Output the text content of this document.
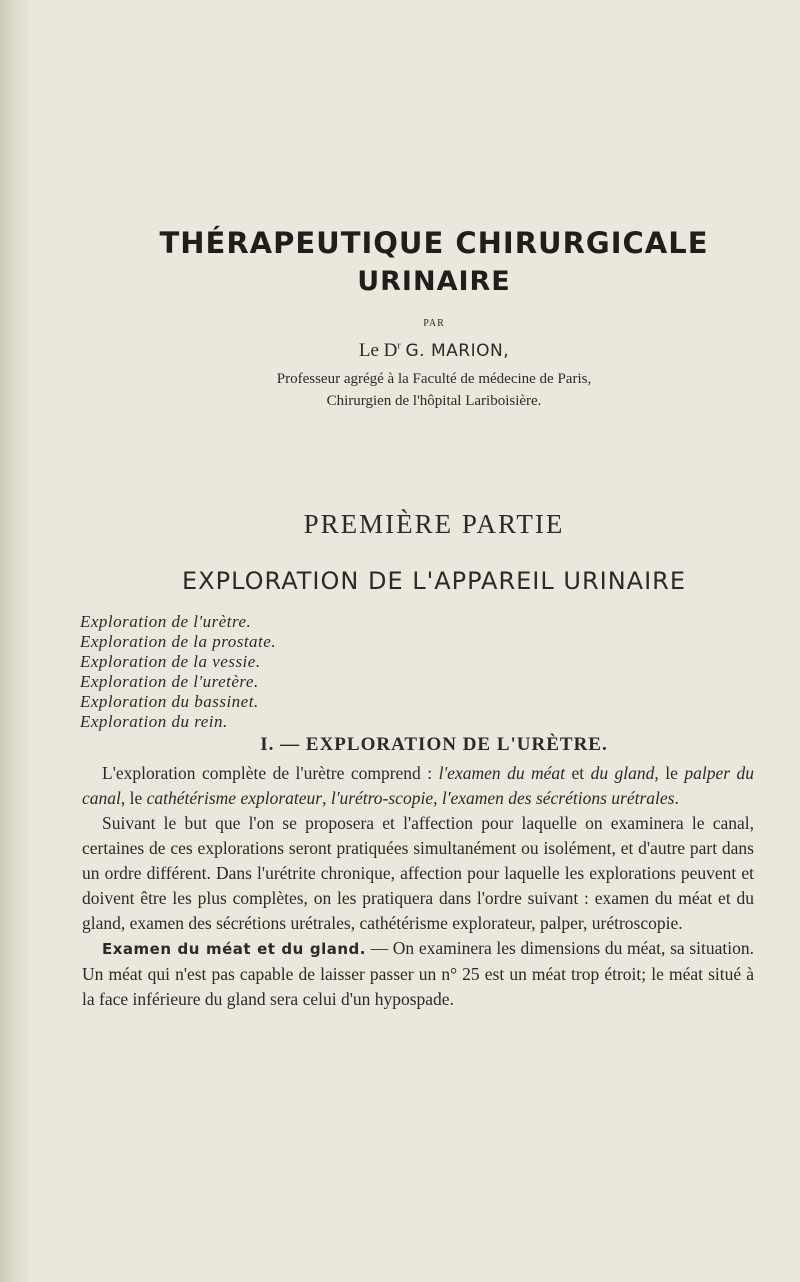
THÉRAPEUTIQUE CHIRURGICALE
URINAIRE
PAR
Le $D^r$ G. MARION,
Professeur agrégé à la Faculté de médecine de Paris,
Chirurgien de l'hôpital Lariboisière.
PREMIÈRE PARTIE
EXPLORATION DE L'APPAREIL URINAIRE
Exploration de l'urètre.
Exploration de la prostate.
Exploration de la vessie.
Exploration de l'uretère.
Exploration du bassinet.
Exploration du rein.
I. — EXPLORATION DE L'URÈTRE.

L'exploration complète de l'urètre comprend : l'examen du méat et du gland, le palper du canal, le cathétérisme explorateur, l'urétro-scopie, l'examen des sécrétions urétrales.

Suivant le but que l'on se proposera et l'affection pour laquelle on examinera le canal, certaines de ces explorations seront pratiquées simultanément ou isolément, et d'autre part dans un ordre différent. Dans l'urétrite chronique, affection pour laquelle les explorations peuvent et doivent être les plus complètes, on les pratiquera dans l'ordre suivant : examen du méat et du gland, examen des sécrétions urétrales, cathétérisme explorateur, palper, urétroscopie.

Examen du méat et du gland. — On examinera les dimensions du méat, sa situation. Un méat qui n'est pas capable de laisser passer un n° 25 est un méat trop étroit; le méat situé à la face inférieure du gland sera celui d'un hypospade.
